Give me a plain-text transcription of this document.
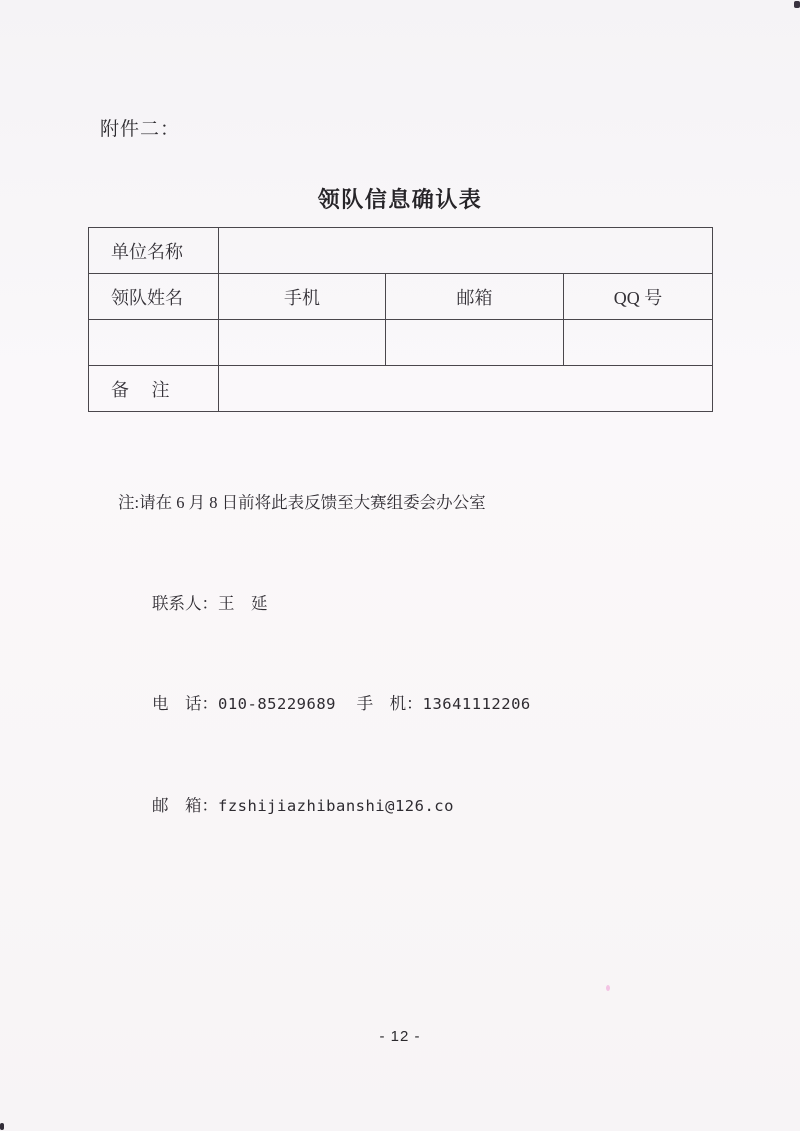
附件二：
领队信息确认表
单位名称			
领队姓名	手机	邮箱	QQ 号

备　 注			

注:请在 6 月 8 日前将此表反馈至大赛组委会办公室

联系人：王　延

电　话：010-85229689　 手　机：13641112206

邮　箱：fzshijiazhibanshi@126.co

- 12 -
